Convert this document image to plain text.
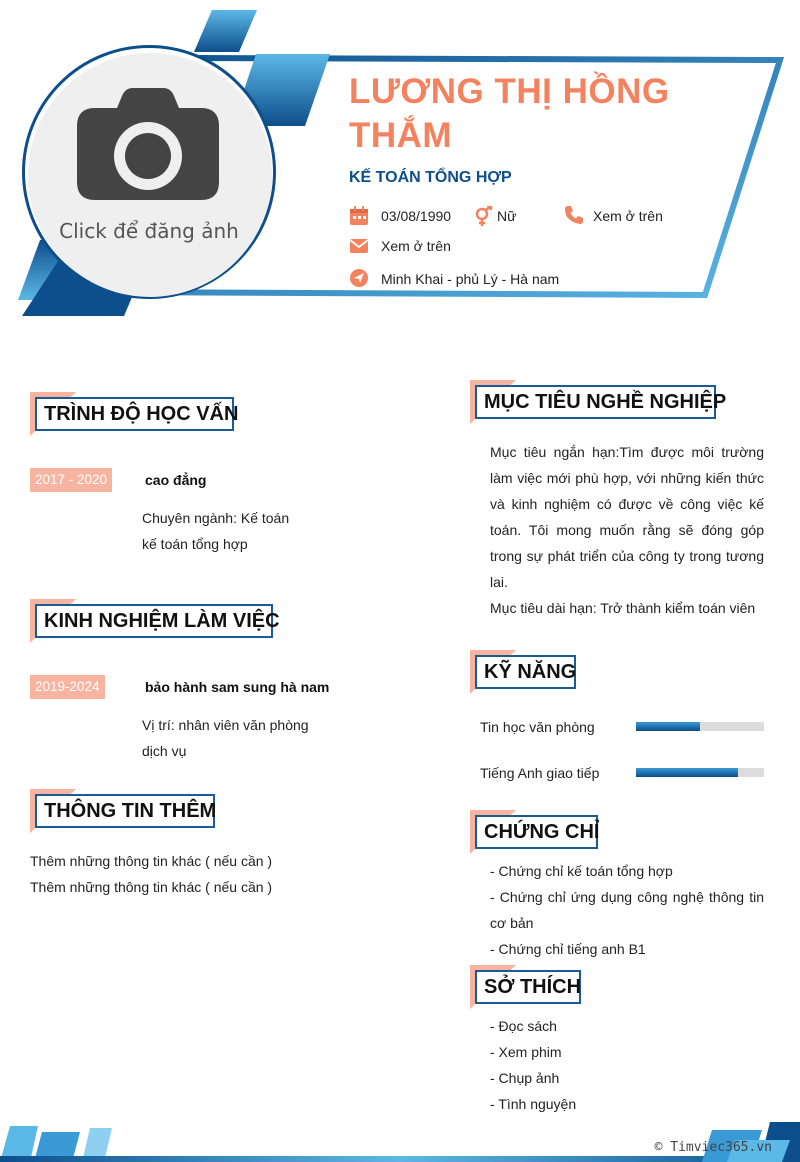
Click để đăng ảnh
LƯƠNG THỊ HỒNG THẮM
KẾ TOÁN TỔNG HỢP
03/08/1990	Nữ	Xem ở trên
Xem ở trên
Minh Khai - phủ Lý - Hà nam
TRÌNH ĐỘ HỌC VẤN
2017 - 2020	cao đẳng
Chuyên ngành: Kế toán
kế toán tổng hợp
KINH NGHIỆM LÀM VIỆC
2019-2024	bảo hành sam sung hà nam
Vị trí: nhân viên văn phòng
dịch vụ
THÔNG TIN THÊM
Thêm những thông tin khác ( nếu cần )
Thêm những thông tin khác ( nếu cần )
MỤC TIÊU NGHỀ NGHIỆP
Mục tiêu ngắn hạn:Tìm được môi trường làm việc mới phù hợp, với những kiến thức và kinh nghiệm có được về công việc kế toán. Tôi mong muốn rằng sẽ đóng góp trong sự phát triển của công ty trong tương lai.
Mục tiêu dài hạn: Trở thành kiểm toán viên
KỸ NĂNG
Tin học văn phòng
Tiếng Anh giao tiếp
CHỨNG CHỈ
- Chứng chỉ kế toán tổng hợp
- Chứng chỉ ứng dụng công nghệ thông tin cơ bản
- Chứng chỉ tiếng anh B1
SỞ THÍCH
- Đọc sách
- Xem phim
- Chụp ảnh
- Tình nguyện
© Timviec365.vn
